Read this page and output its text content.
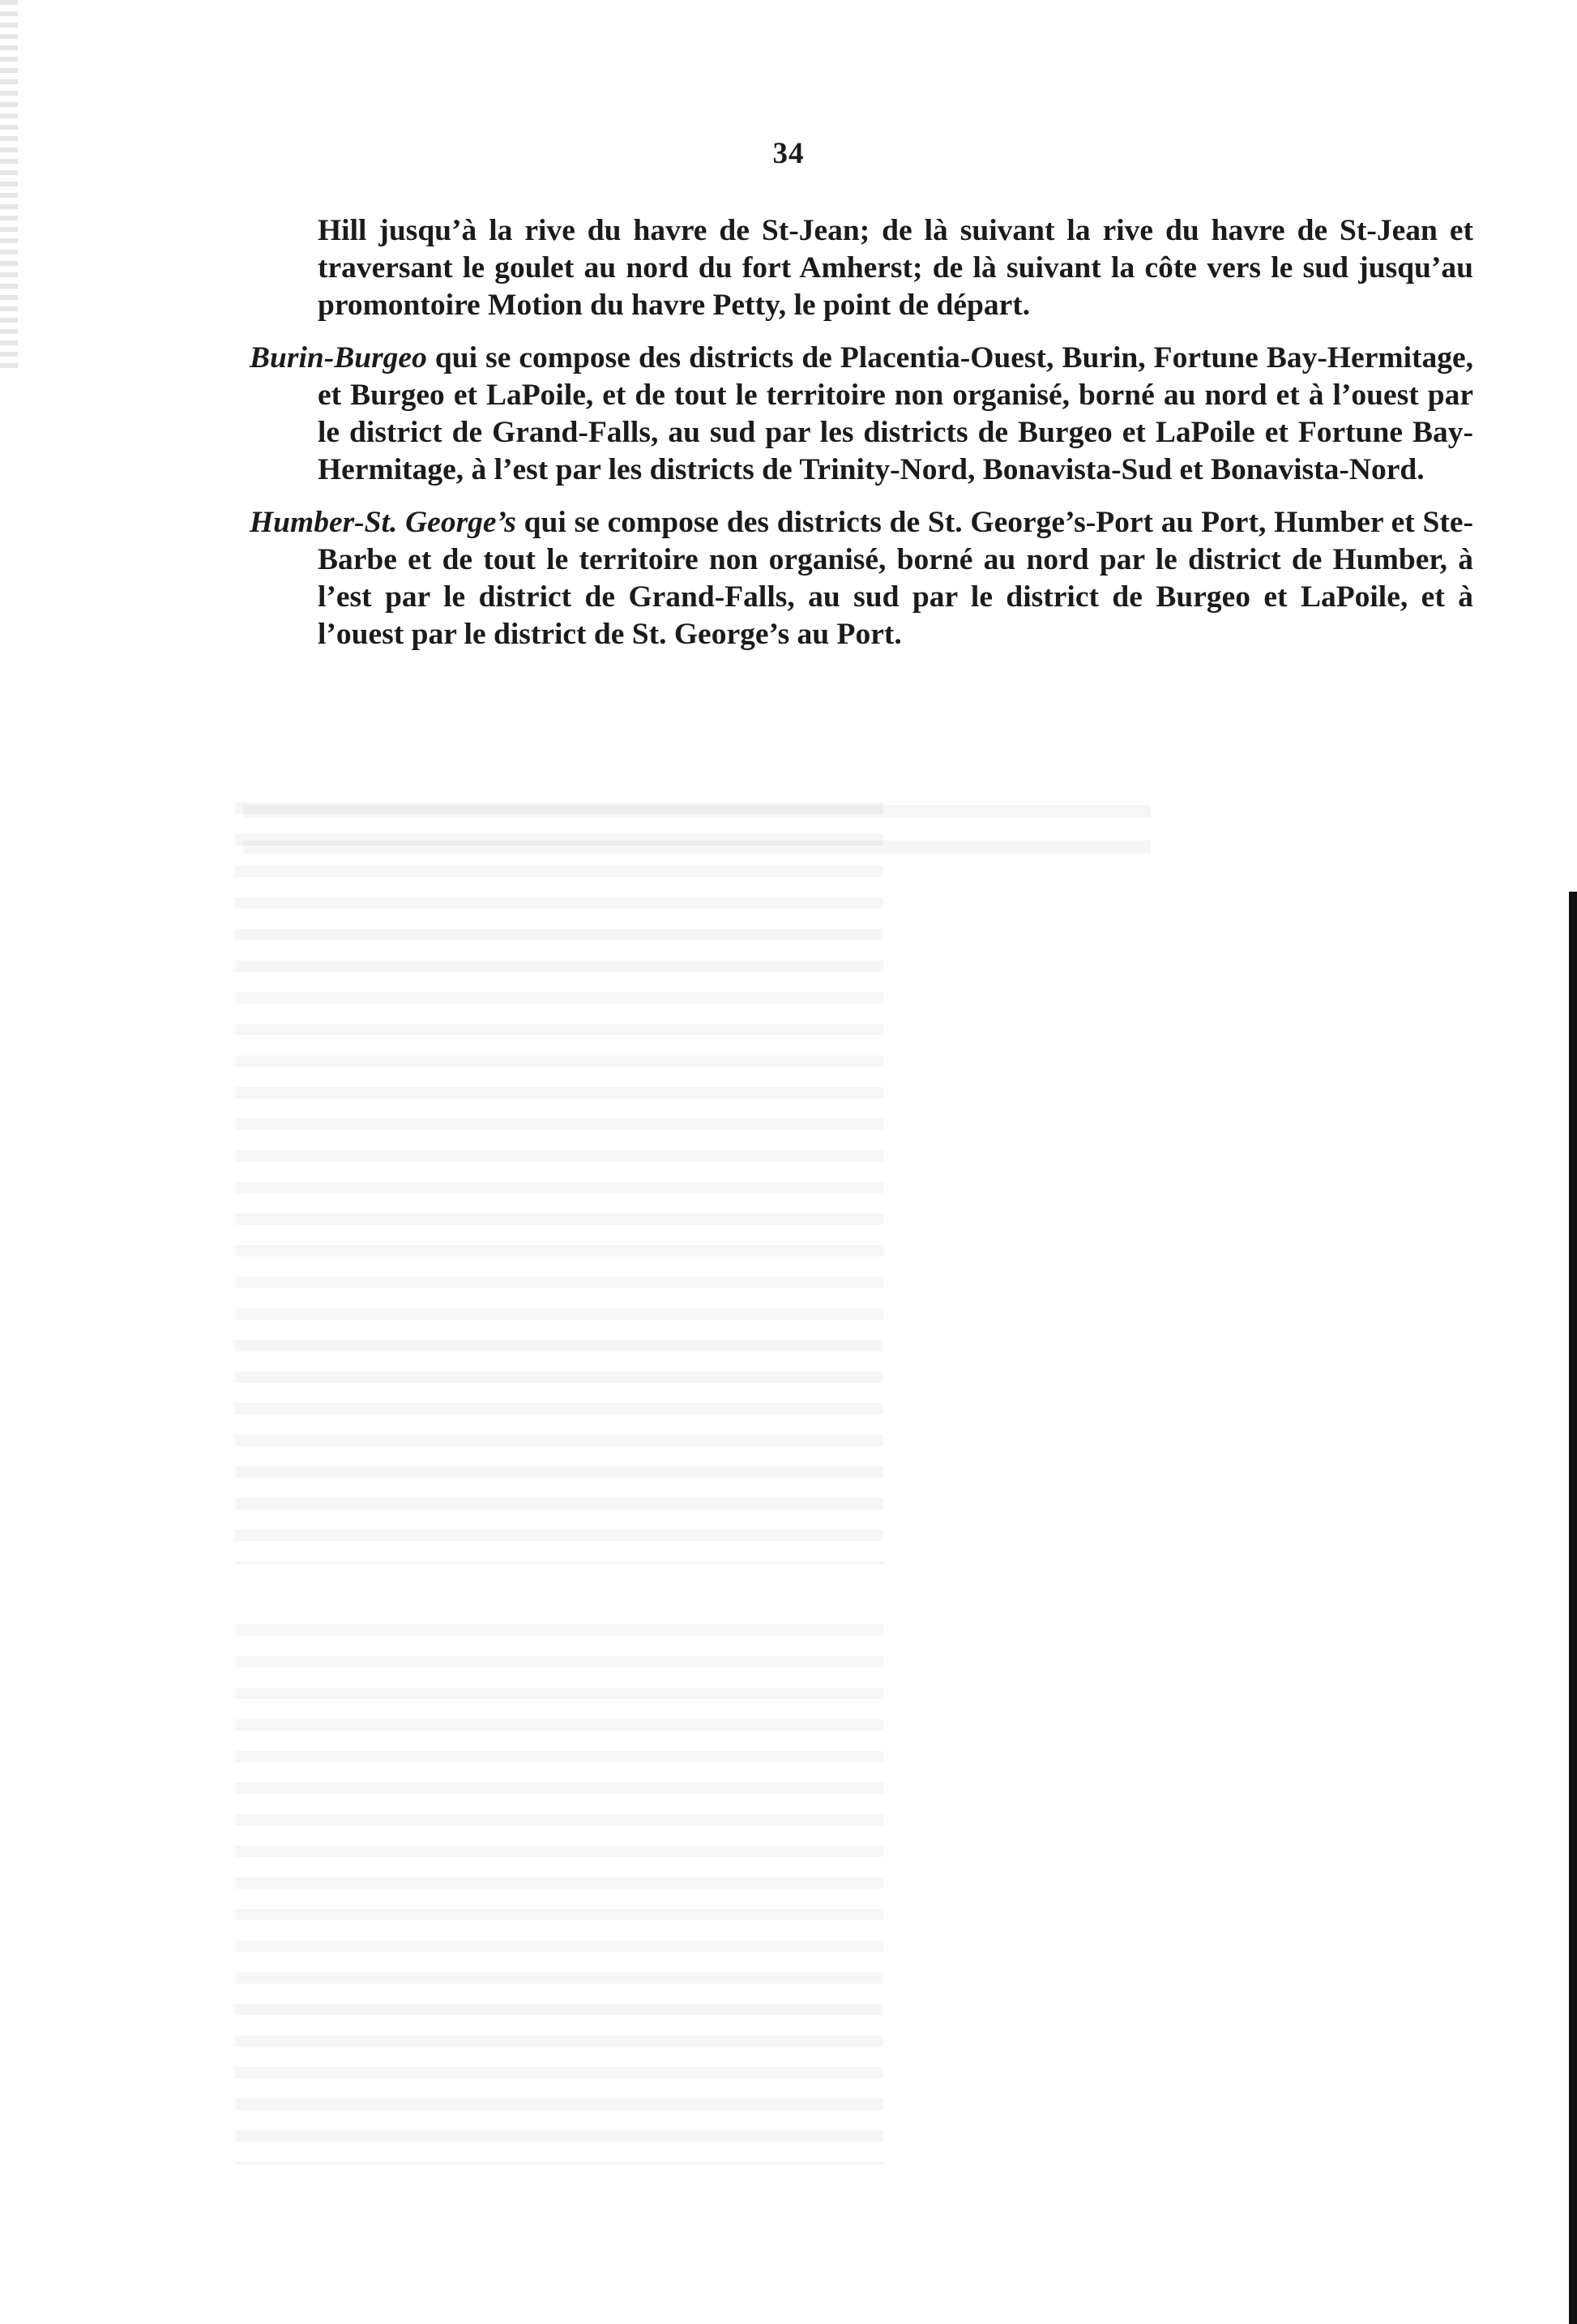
34

Hill jusqu’à la rive du havre de St-Jean; de là suivant la rive du havre de St-Jean et traversant le goulet au nord du fort Amherst; de là suivant la côte vers le sud jusqu’au promontoire Motion du havre Petty, le point de départ.

Burin-Burgeo qui se compose des districts de Placentia-Ouest, Burin, Fortune Bay-Hermitage, et Burgeo et LaPoile, et de tout le territoire non organisé, borné au nord et à l’ouest par le district de Grand-Falls, au sud par les districts de Burgeo et LaPoile et Fortune Bay-Hermitage, à l’est par les districts de Trinity-Nord, Bonavista-Sud et Bonavista-Nord.

Humber-St. George’s qui se compose des districts de St. George’s-Port au Port, Humber et Ste-Barbe et de tout le territoire non organisé, borné au nord par le district de Humber, à l’est par le district de Grand-Falls, au sud par le district de Burgeo et LaPoile, et à l’ouest par le district de St. George’s au Port.
